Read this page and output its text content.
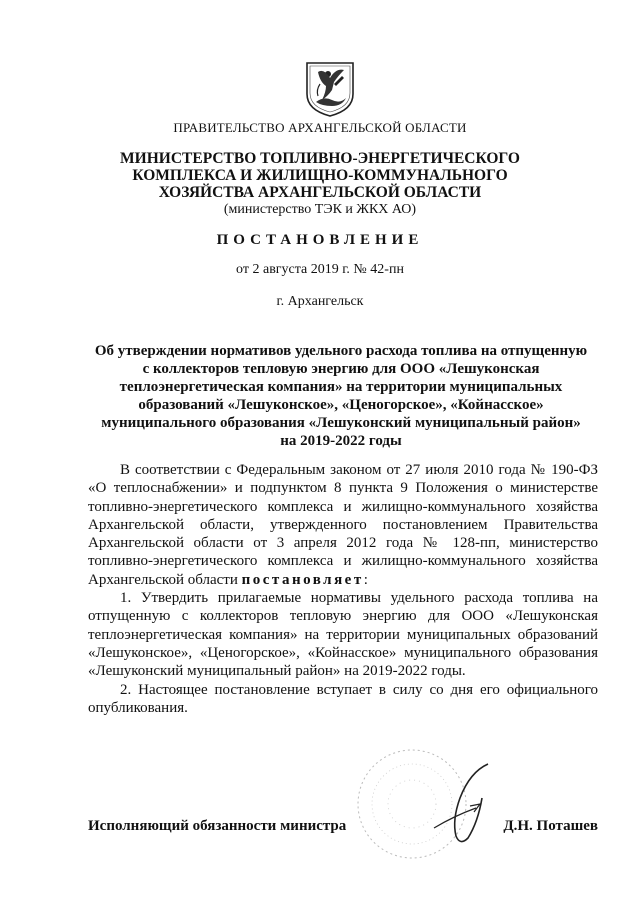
ПРАВИТЕЛЬСТВО АРХАНГЕЛЬСКОЙ ОБЛАСТИ
МИНИСТЕРСТВО ТОПЛИВНО-ЭНЕРГЕТИЧЕСКОГО
КОМПЛЕКСА И ЖИЛИЩНО-КОММУНАЛЬНОГО
ХОЗЯЙСТВА АРХАНГЕЛЬСКОЙ ОБЛАСТИ
(министерство ТЭК и ЖКХ АО)
ПОСТАНОВЛЕНИЕ
от 2 августа 2019 г. № 42-пн
г. Архангельск
Об утверждении нормативов удельного расхода топлива на отпущенную
с коллекторов тепловую энергию для ООО «Лешуконская
теплоэнергетическая компания» на территории муниципальных
образований «Лешуконское», «Ценогорское», «Койнасское»
муниципального образования «Лешуконский муниципальный район»
на 2019-2022 годы

В соответствии с Федеральным законом от 27 июля 2010 года № 190-ФЗ «О теплоснабжении» и подпунктом 8 пункта 9 Положения о министерстве топливно-энергетического комплекса и жилищно-коммунального хозяйства Архангельской области, утвержденного постановлением Правительства Архангельской области от 3 апреля 2012 года № 128-пп, министерство топливно-энергетического комплекса и жилищно-коммунального хозяйства Архангельской области постановляет:

1. Утвердить прилагаемые нормативы удельного расхода топлива на отпущенную с коллекторов тепловую энергию для ООО «Лешуконская теплоэнергетическая компания» на территории муниципальных образований «Лешуконское», «Ценогорское», «Койнасское» муниципального образования «Лешуконский муниципальный район» на 2019-2022 годы.

2. Настоящее постановление вступает в силу со дня его официального опубликования.

Исполняющий обязанности министра	Д.Н. Поташев
